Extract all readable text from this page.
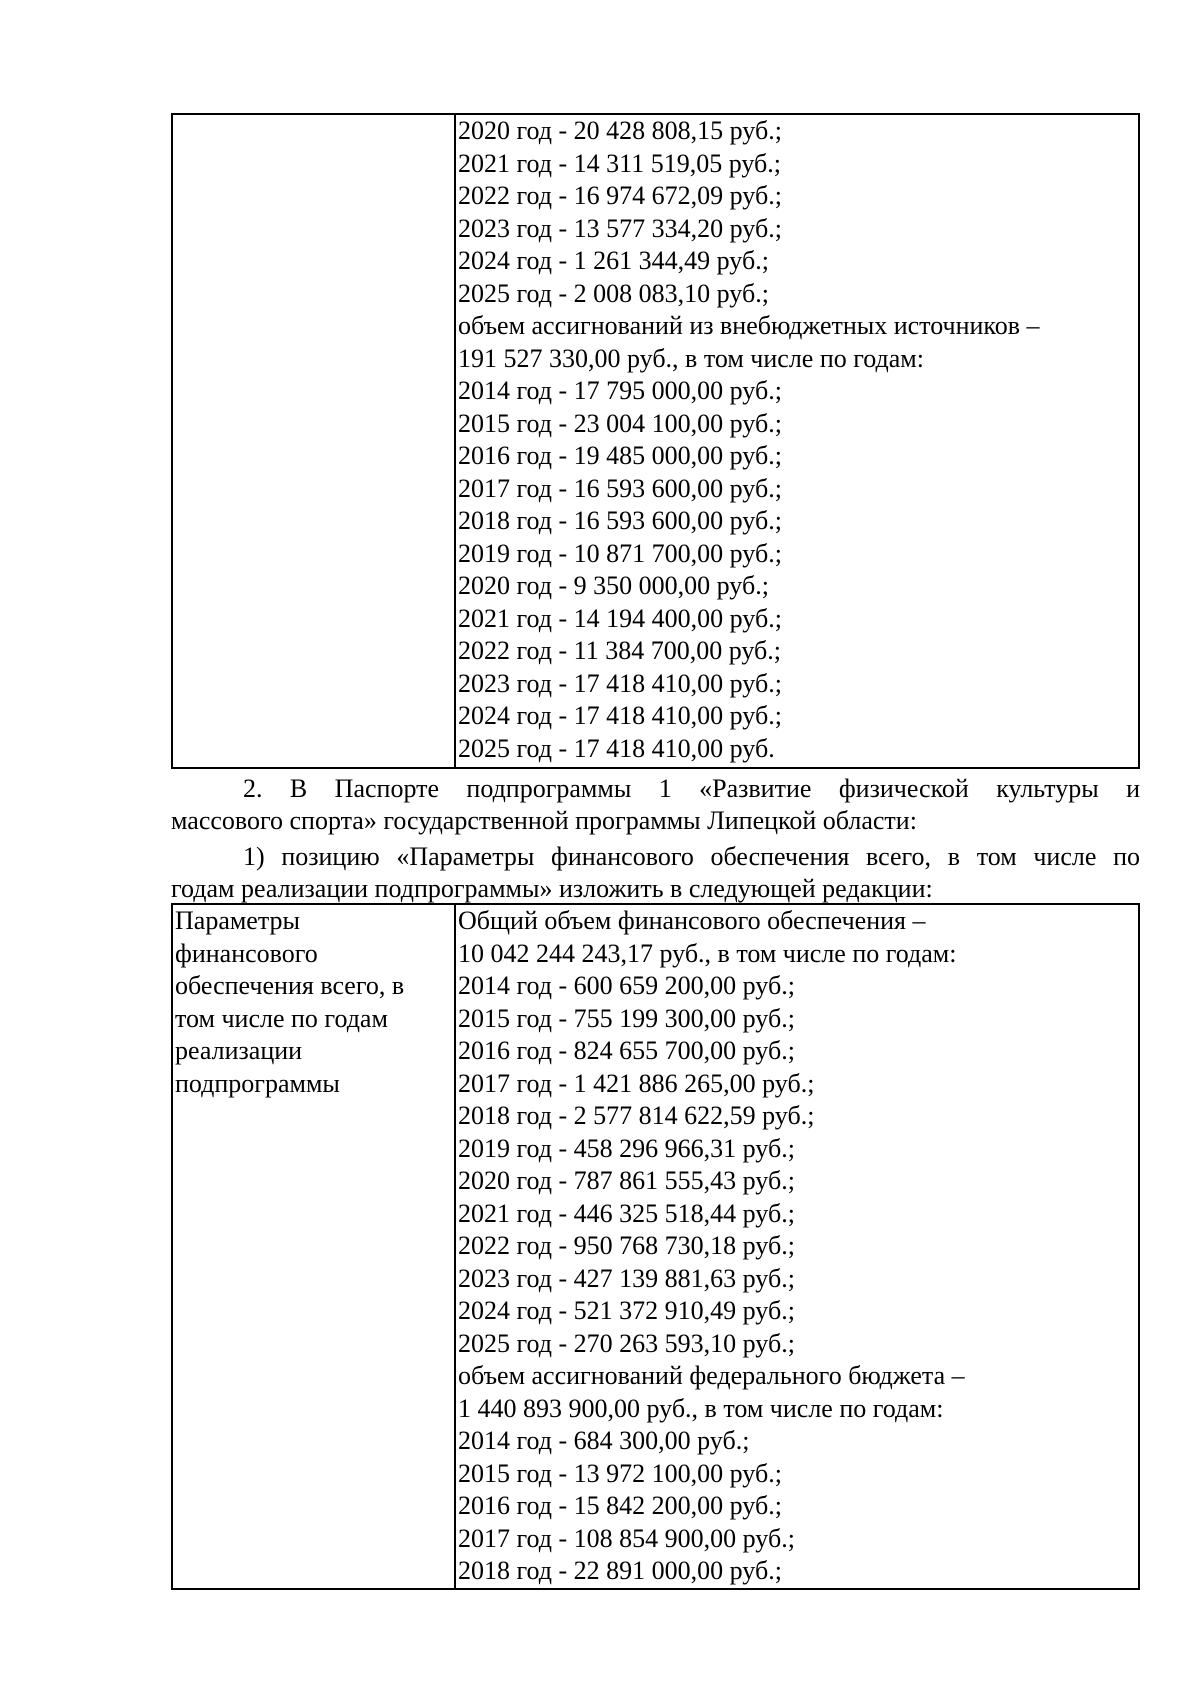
2020 год - 20 428 808,15 руб.;
2021 год - 14 311 519,05 руб.;
2022 год - 16 974 672,09 руб.;
2023 год - 13 577 334,20 руб.;
2024 год - 1 261 344,49 руб.;
2025 год - 2 008 083,10 руб.;
объем ассигнований из внебюджетных источников –
191 527 330,00 руб., в том числе по годам:
2014 год - 17 795 000,00 руб.;
2015 год - 23 004 100,00 руб.;
2016 год - 19 485 000,00 руб.;
2017 год - 16 593 600,00 руб.;
2018 год - 16 593 600,00 руб.;
2019 год - 10 871 700,00 руб.;
2020 год - 9 350 000,00 руб.;
2021 год - 14 194 400,00 руб.;
2022 год - 11 384 700,00 руб.;
2023 год - 17 418 410,00 руб.;
2024 год - 17 418 410,00 руб.;
2025 год - 17 418 410,00 руб.
2. В Паспорте подпрограммы 1 «Развитие физической культуры и
массового спорта» государственной программы Липецкой области:
1) позицию «Параметры финансового обеспечения всего, в том числе по
годам реализации подпрограммы» изложить в следующей редакции:
Параметры
финансового
обеспечения всего, в
том числе по годам
реализации
подпрограммы
Общий объем финансового обеспечения –
10 042 244 243,17 руб., в том числе по годам:
2014 год - 600 659 200,00 руб.;
2015 год - 755 199 300,00 руб.;
2016 год - 824 655 700,00 руб.;
2017 год - 1 421 886 265,00 руб.;
2018 год - 2 577 814 622,59 руб.;
2019 год - 458 296 966,31 руб.;
2020 год - 787 861 555,43 руб.;
2021 год - 446 325 518,44 руб.;
2022 год - 950 768 730,18 руб.;
2023 год - 427 139 881,63 руб.;
2024 год - 521 372 910,49 руб.;
2025 год - 270 263 593,10 руб.;
объем ассигнований федерального бюджета –
1 440 893 900,00 руб., в том числе по годам:
2014 год - 684 300,00 руб.;
2015 год - 13 972 100,00 руб.;
2016 год - 15 842 200,00 руб.;
2017 год - 108 854 900,00 руб.;
2018 год - 22 891 000,00 руб.;
